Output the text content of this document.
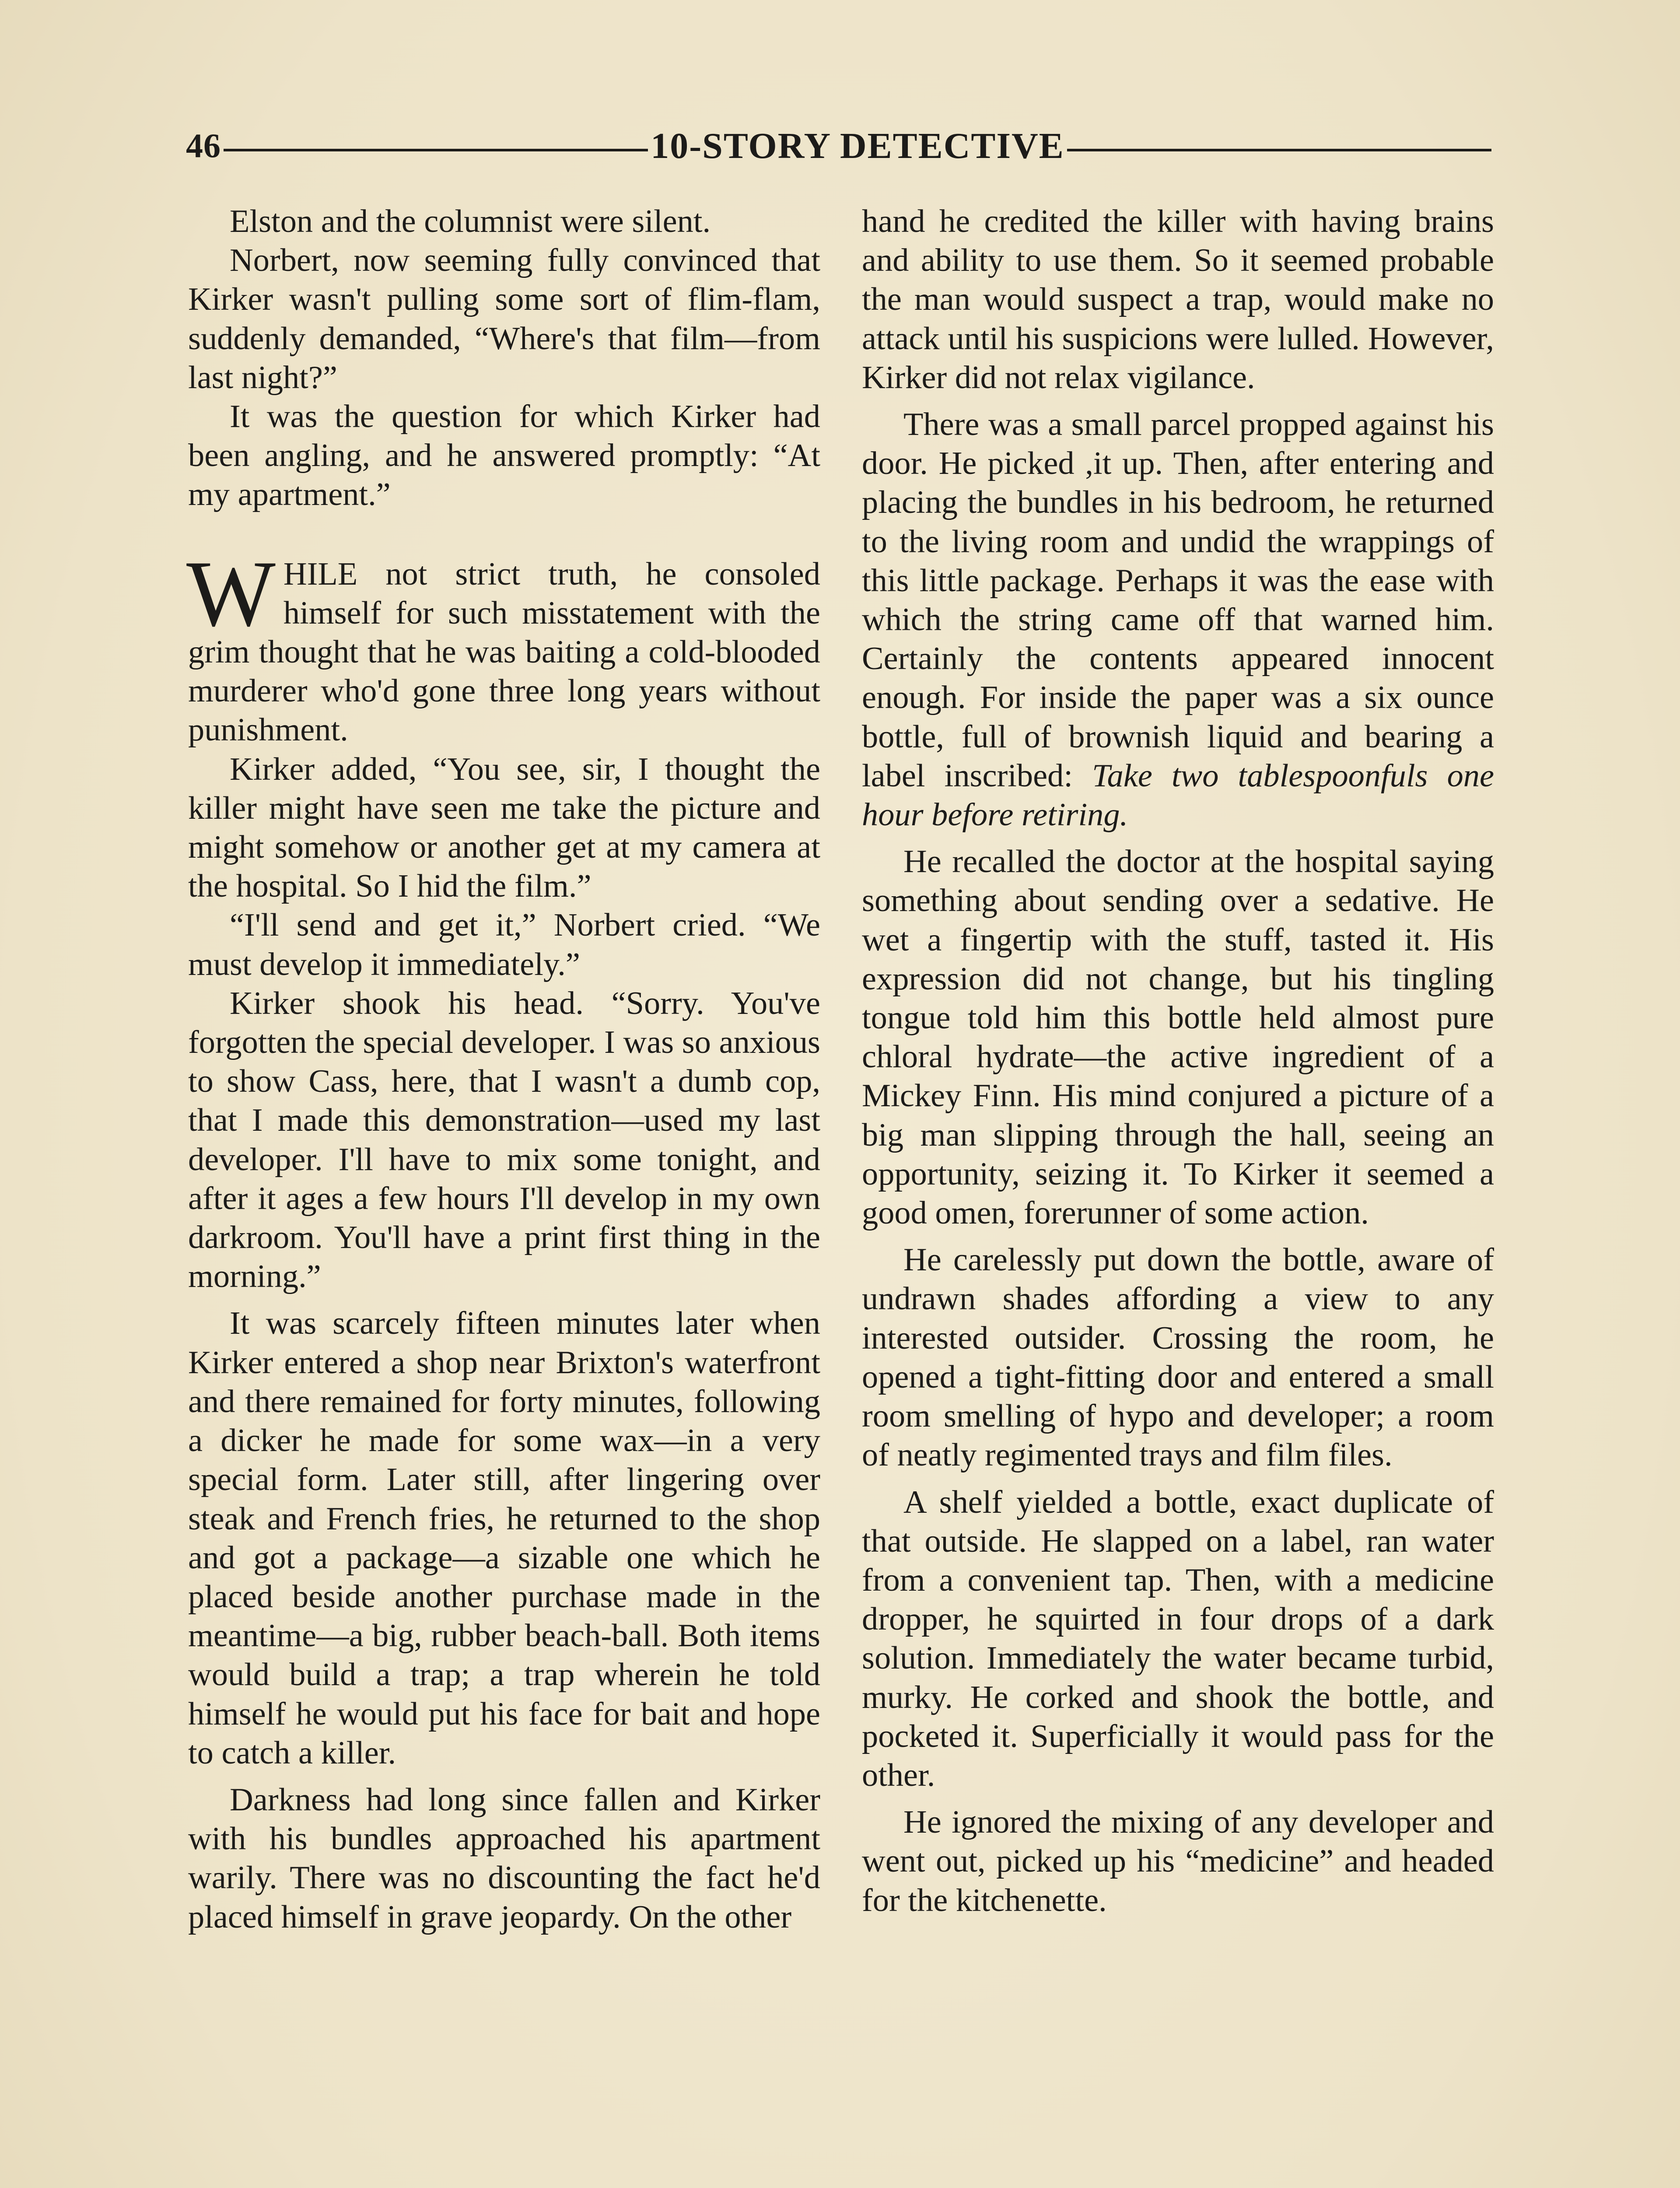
46	10-STORY DETECTIVE

Elston and the columnist were silent.

Norbert, now seeming fully convinced that Kirker wasn't pulling some sort of flim-flam, suddenly demanded, “Where's that film—from last night?”

It was the question for which Kirker had been angling, and he answered promptly: “At my apartment.”

WHILE not strict truth, he consoled himself for such misstatement with the grim thought that he was baiting a cold-blooded murderer who'd gone three long years without punishment.

Kirker added, “You see, sir, I thought the killer might have seen me take the picture and might somehow or another get at my camera at the hospital. So I hid the film.”

“I'll send and get it,” Norbert cried. “We must develop it immediately.”

Kirker shook his head. “Sorry. You've forgotten the special developer. I was so anxious to show Cass, here, that I wasn't a dumb cop, that I made this demonstration—used my last developer. I'll have to mix some tonight, and after it ages a few hours I'll develop in my own darkroom. You'll have a print first thing in the morning.”

It was scarcely fifteen minutes later when Kirker entered a shop near Brixton's waterfront and there remained for forty minutes, following a dicker he made for some wax—in a very special form. Later still, after lingering over steak and French fries, he returned to the shop and got a package—a sizable one which he placed beside another purchase made in the meantime—a big, rubber beach-ball. Both items would build a trap; a trap wherein he told himself he would put his face for bait and hope to catch a killer.

Darkness had long since fallen and Kirker with his bundles approached his apartment warily. There was no discounting the fact he'd placed himself in grave jeopardy. On the other

hand he credited the killer with having brains and ability to use them. So it seemed probable the man would suspect a trap, would make no attack until his suspicions were lulled. However, Kirker did not relax vigilance.

There was a small parcel propped against his door. He picked ,it up. Then, after entering and placing the bundles in his bedroom, he returned to the living room and undid the wrappings of this little package. Perhaps it was the ease with which the string came off that warned him. Certainly the contents appeared innocent enough. For inside the paper was a six ounce bottle, full of brownish liquid and bearing a label inscribed: Take two tablespoonfuls one hour before retiring.

He recalled the doctor at the hospital saying something about sending over a sedative. He wet a fingertip with the stuff, tasted it. His expression did not change, but his tingling tongue told him this bottle held almost pure chloral hydrate—the active ingredient of a Mickey Finn. His mind conjured a picture of a big man slipping through the hall, seeing an opportunity, seizing it. To Kirker it seemed a good omen, forerunner of some action.

He carelessly put down the bottle, aware of undrawn shades affording a view to any interested outsider. Crossing the room, he opened a tight-fitting door and entered a small room smelling of hypo and developer; a room of neatly regimented trays and film files.

A shelf yielded a bottle, exact duplicate of that outside. He slapped on a label, ran water from a convenient tap. Then, with a medicine dropper, he squirted in four drops of a dark solution. Immediately the water became turbid, murky. He corked and shook the bottle, and pocketed it. Superficially it would pass for the other.

He ignored the mixing of any developer and went out, picked up his “medicine” and headed for the kitchenette.
